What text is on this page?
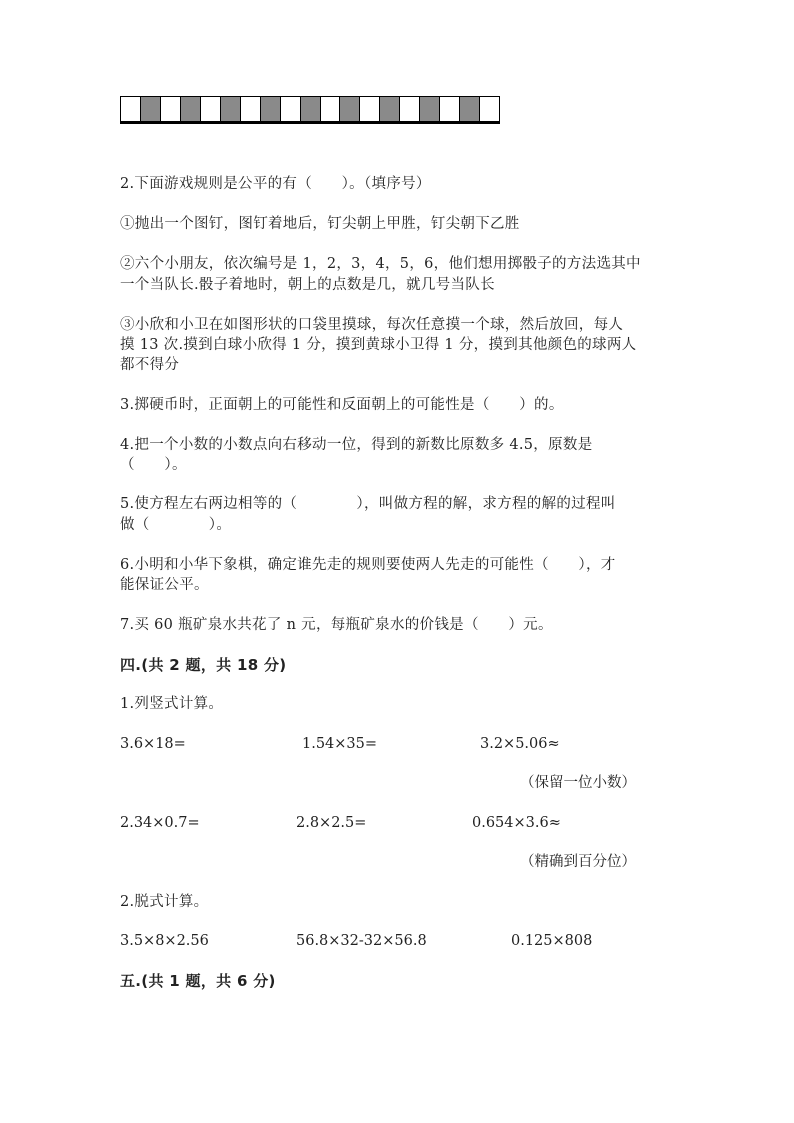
2.下面游戏规则是公平的有（　　）。（填序号）
①抛出一个图钉，图钉着地后，钉尖朝上甲胜，钉尖朝下乙胜
②六个小朋友，依次编号是 1，2，3，4，5，6，他们想用掷骰子的方法选其中
一个当队长.骰子着地时，朝上的点数是几，就几号当队长
③小欣和小卫在如图形状的口袋里摸球，每次任意摸一个球，然后放回，每人
摸 13 次.摸到白球小欣得 1 分，摸到黄球小卫得 1 分，摸到其他颜色的球两人
都不得分
3.掷硬币时，正面朝上的可能性和反面朝上的可能性是（　　）的。
4.把一个小数的小数点向右移动一位，得到的新数比原数多 4.5，原数是
（　　）。
5.使方程左右两边相等的（　　　　），叫做方程的解，求方程的解的过程叫
做（　　　　）。
6.小明和小华下象棋，确定谁先走的规则要使两人先走的可能性（　　），才
能保证公平。
7.买 60 瓶矿泉水共花了 n 元，每瓶矿泉水的价钱是（　　）元。
四.(共 2 题，共 18 分)
1.列竖式计算。
3.6×18=	1.54×35=	3.2×5.06≈
（保留一位小数）
2.34×0.7=	2.8×2.5=	0.654×3.6≈
（精确到百分位）
2.脱式计算。
3.5×8×2.56	56.8×32-32×56.8	0.125×808
五.(共 1 题，共 6 分)
